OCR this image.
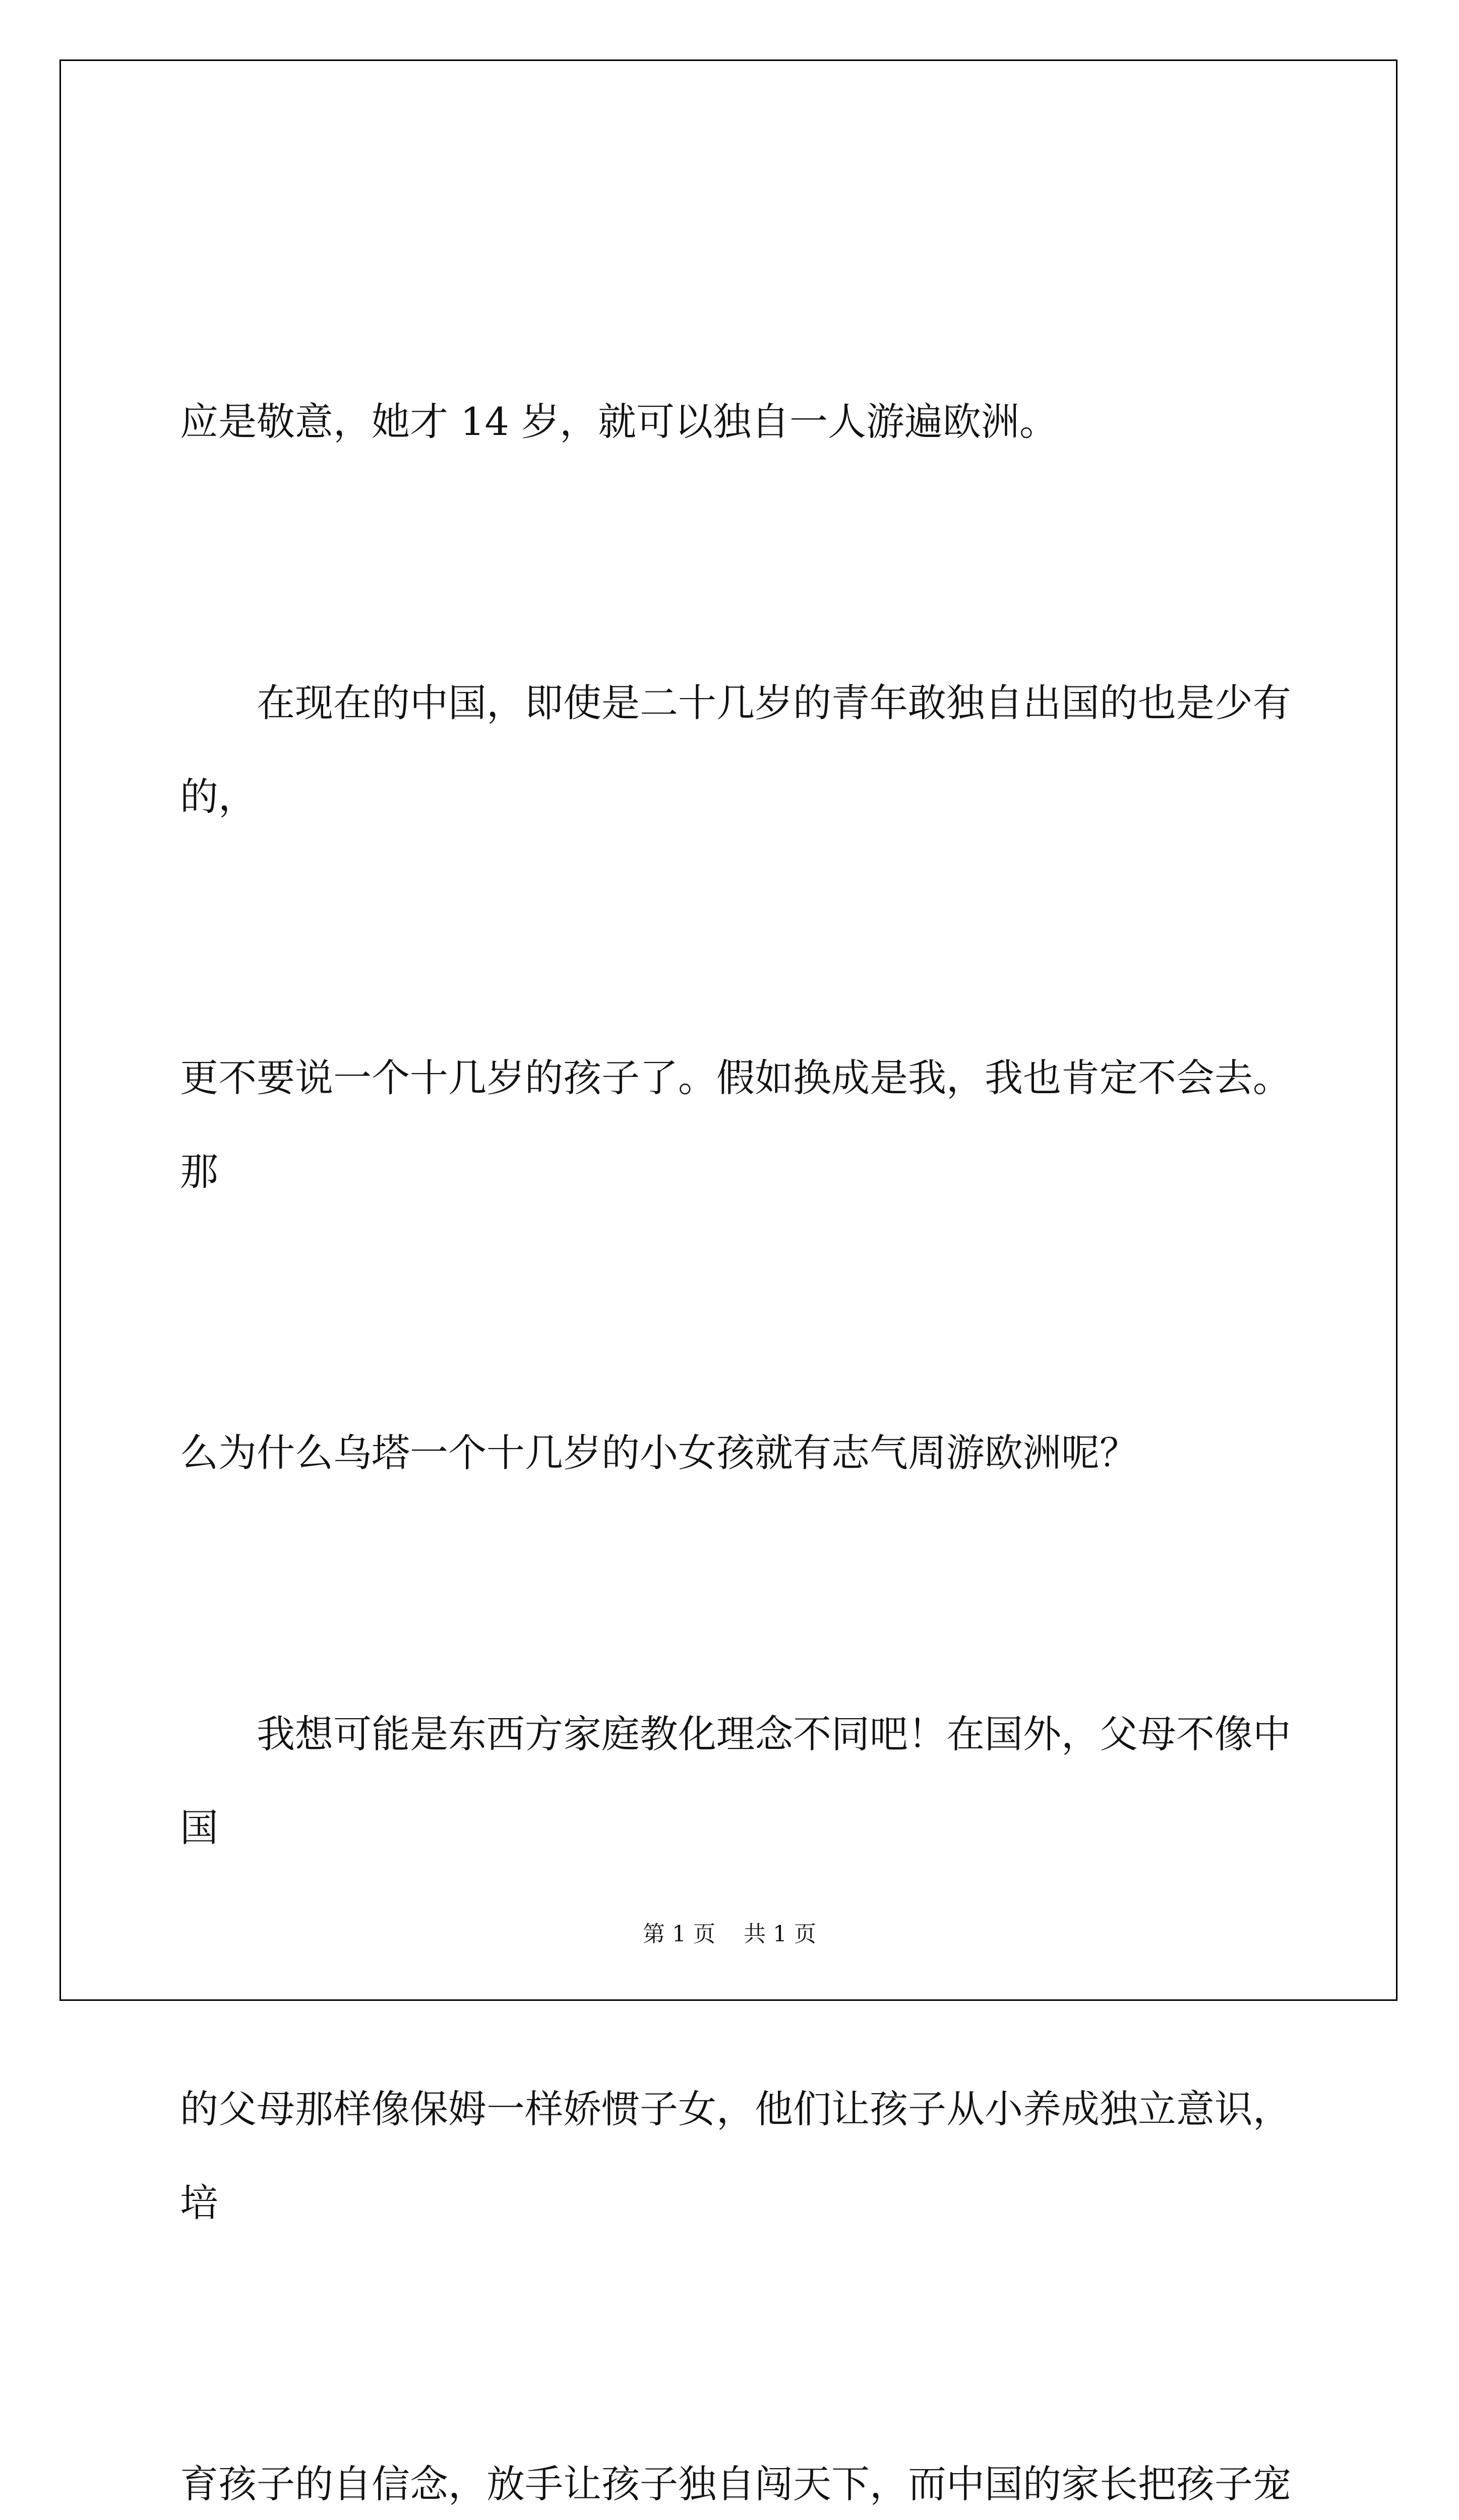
应是敬意，她才 14 岁，就可以独自一人游遍欧洲。

　　在现在的中国，即使是二十几岁的青年敢独自出国的也是少有的，

更不要说一个十几岁的孩子了。假如换成是我，我也肯定不会去。那

么为什么乌塔一个十几岁的小女孩就有志气周游欧洲呢？

　　我想可能是东西方家庭教化理念不同吧！在国外，父母不像中国

的父母那样像保姆一样娇惯子女，他们让孩子从小养成独立意识，培

育孩子的自信念，放手让孩子独自闯天下，而中国的家长把孩子宠

第 1 页 共 1 页
